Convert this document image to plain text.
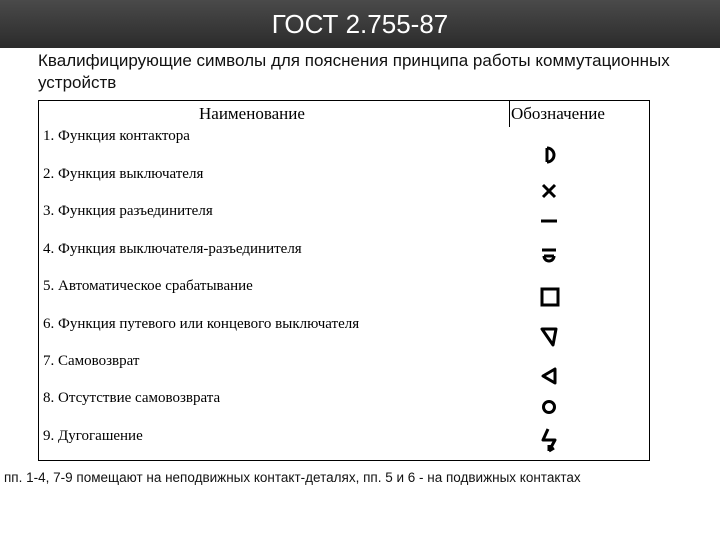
ГОСТ 2.755-87
Квалифицирующие символы для пояснения принципа работы коммутационных устройств
Наименование	Обозначение
1. Функция контактора
2. Функция выключателя
3. Функция разъединителя
4. Функция выключателя-разъединителя
5. Автоматическое срабатывание
6. Функция путевого или концевого выключателя
7. Самовозврат
8. Отсутствие самовозврата
9. Дугогашение
пп. 1-4, 7-9 помещают на неподвижных контакт-деталях, пп. 5 и 6 - на подвижных контактах
